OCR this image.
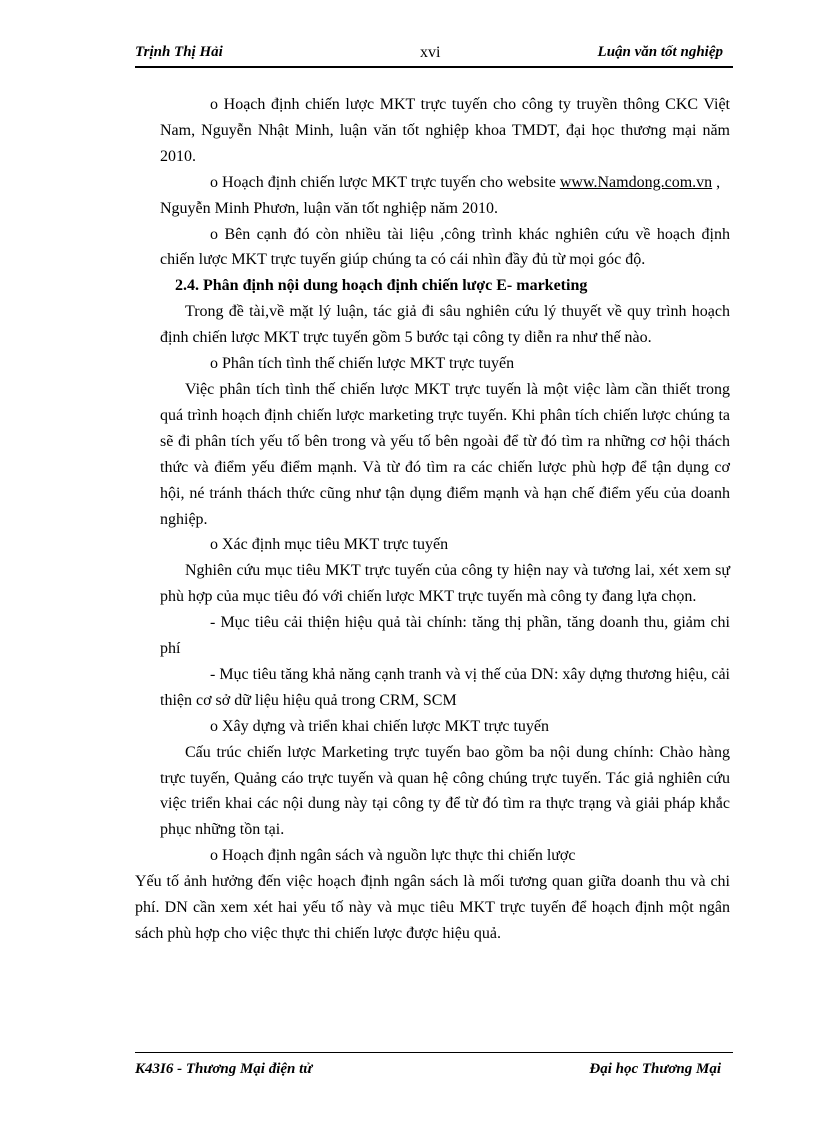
Trịnh Thị Hải	xvi	Luận văn tốt nghiệp

o Hoạch định chiến lược MKT trực tuyến cho công ty truyền thông CKC Việt Nam, Nguyễn Nhật Minh, luận văn tốt nghiệp khoa TMDT, đại học thương mại năm 2010.

o Hoạch định chiến lược MKT trực tuyến cho website www.Namdong.com.vn , Nguyễn Minh Phươn, luận văn tốt nghiệp năm 2010.

o Bên cạnh đó còn nhiều tài liệu ,công trình khác nghiên cứu về hoạch định chiến lược MKT trực tuyến giúp chúng ta có cái nhìn đầy đủ từ mọi góc độ.

2.4. Phân định nội dung hoạch định chiến lược E- marketing

Trong đề tài,về mặt lý luận, tác giả đi sâu nghiên cứu lý thuyết về quy trình hoạch định chiến lược MKT trực tuyến gồm 5 bước tại công ty diễn ra như thế nào.

o Phân tích tình thế chiến lược MKT trực tuyến

Việc phân tích tình thế chiến lược MKT trực tuyến là một việc làm cần thiết trong quá trình hoạch định chiến lược marketing trực tuyến. Khi phân tích chiến lược chúng ta sẽ đi phân tích yếu tố bên trong và yếu tố bên ngoài để từ đó tìm ra những cơ hội thách thức và điểm yếu điểm mạnh. Và từ đó tìm ra các chiến lược phù hợp để tận dụng cơ hội, né tránh thách thức cũng như tận dụng điểm mạnh và hạn chế điểm yếu của doanh nghiệp.

o Xác định mục tiêu MKT trực tuyến

Nghiên cứu mục tiêu MKT trực tuyến của công ty hiện nay và tương lai, xét xem sự phù hợp của mục tiêu đó với chiến lược MKT trực tuyến mà công ty đang lựa chọn.

- Mục tiêu cải thiện hiệu quả tài chính: tăng thị phần, tăng doanh thu, giảm chi phí

- Mục tiêu tăng khả năng cạnh tranh và vị thế của DN: xây dựng thương hiệu, cải thiện cơ sở dữ liệu hiệu quả trong CRM, SCM

o Xây dựng và triển khai chiến lược MKT trực tuyến

Cấu trúc chiến lược Marketing trực tuyến bao gồm ba nội dung chính: Chào hàng trực tuyến, Quảng cáo trực tuyến và quan hệ công chúng trực tuyến. Tác giả nghiên cứu việc triển khai các nội dung này tại công ty để từ đó tìm ra thực trạng và giải pháp khắc phục những tồn tại.

o Hoạch định ngân sách và nguồn lực thực thi chiến lược

Yếu tố ảnh hưởng đến việc hoạch định ngân sách là mối tương quan giữa doanh thu và chi phí. DN cần xem xét hai yếu tố này và mục tiêu MKT trực tuyến để hoạch định một ngân sách phù hợp cho việc thực thi chiến lược được hiệu quả.

K43I6 - Thương Mại điện tử	Đại học Thương Mại
